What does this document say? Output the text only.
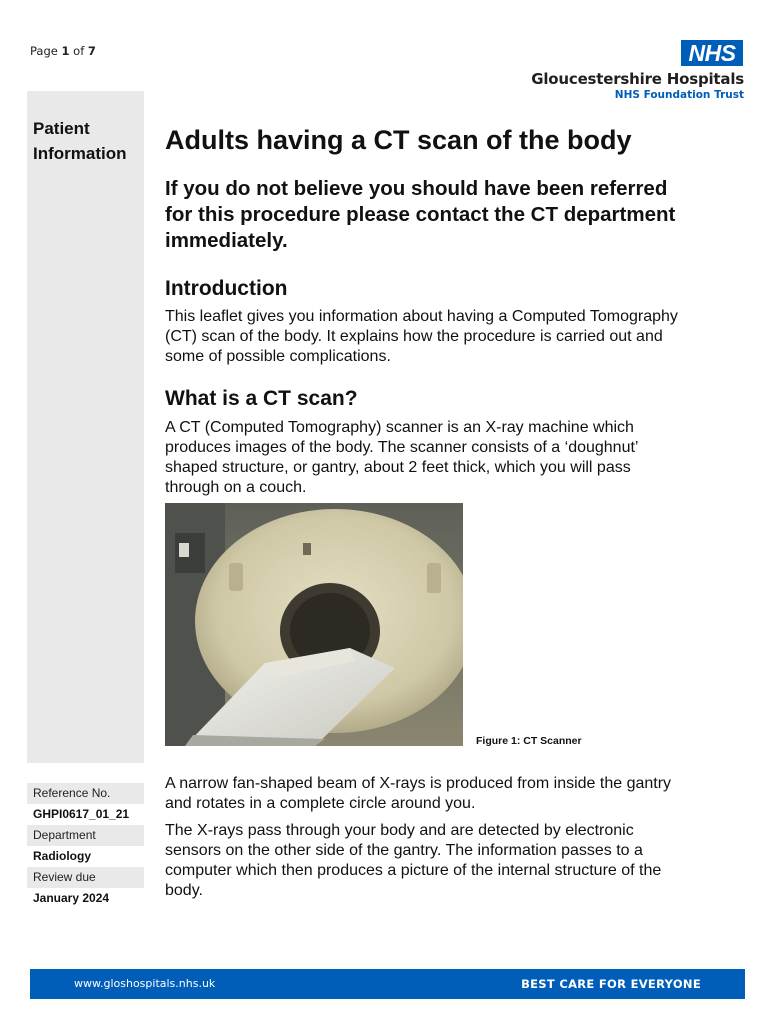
Page 1 of 7	NHS
Gloucestershire Hospitals
NHS Foundation Trust
Patient
Information
Reference No.
GHPI0617_01_21
Department
Radiology
Review due
January 2024
Adults having a CT scan of the body

If you do not believe you should have been referred for this procedure please contact the CT department immediately.

Introduction

This leaflet gives you information about having a Computed Tomography (CT) scan of the body. It explains how the procedure is carried out and some of possible complications.

What is a CT scan?

A CT (Computed Tomography) scanner is an X-ray machine which produces images of the body. The scanner consists of a ‘doughnut’ shaped structure, or gantry, about 2 feet thick, which you will pass through on a couch.

Figure 1: CT Scanner

A narrow fan-shaped beam of X-rays is produced from inside the gantry and rotates in a complete circle around you.

The X-rays pass through your body and are detected by electronic sensors on the other side of the gantry. The information passes to a computer which then produces a picture of the internal structure of the body.

www.gloshospitals.nhs.uk	BEST CARE FOR EVERYONE
